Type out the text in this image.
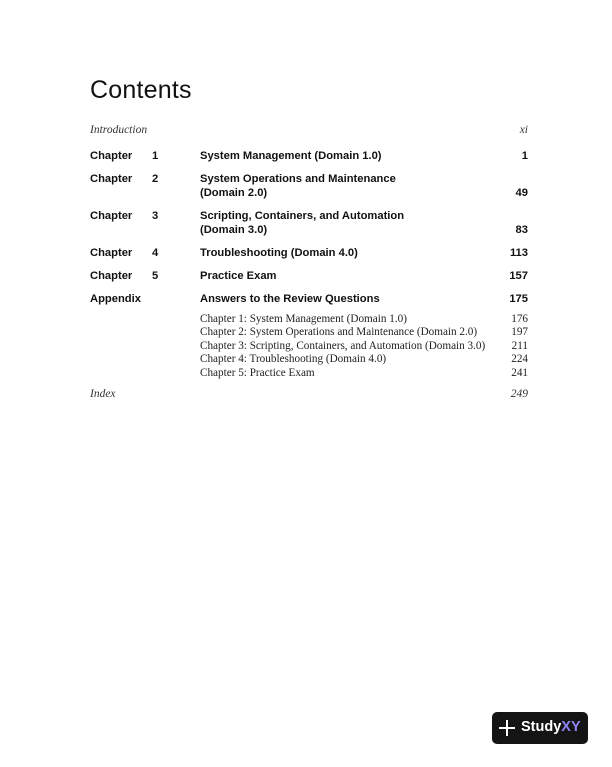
Contents
Introduction	xi
Chapter 1	System Management (Domain 1.0)	1
Chapter 2	System Operations and Maintenance
(Domain 2.0)	49
Chapter 3	Scripting, Containers, and Automation
(Domain 3.0)	83
Chapter 4	Troubleshooting (Domain 4.0)	113
Chapter 5	Practice Exam	157
Appendix	Answers to the Review Questions	175
Chapter 1: System Management (Domain 1.0)	176
Chapter 2: System Operations and Maintenance (Domain 2.0)	197
Chapter 3: Scripting, Containers, and Automation (Domain 3.0) 211
Chapter 4: Troubleshooting (Domain 4.0)	224
Chapter 5: Practice Exam	241
Index	249
StudyXY
